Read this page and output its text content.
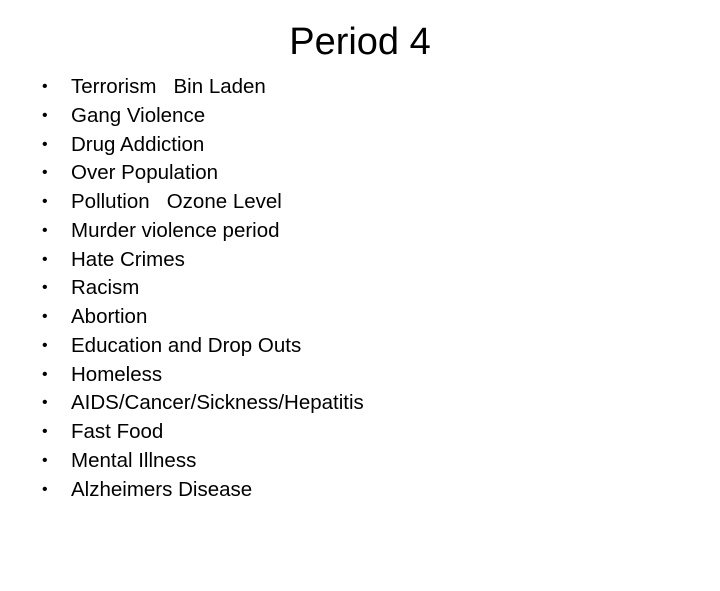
Period 4

•

	Terrorism   Bin Laden

•

	Gang Violence

•

	Drug Addiction

•

	Over Population

•

	Pollution   Ozone Level

•

	Murder violence period

•

	Hate Crimes

•

	Racism

•

	Abortion

•

	Education and Drop Outs

•

	Homeless

•

	AIDS/Cancer/Sickness/Hepatitis

•

	Fast Food

•

	Mental Illness

•

	Alzheimers Disease
